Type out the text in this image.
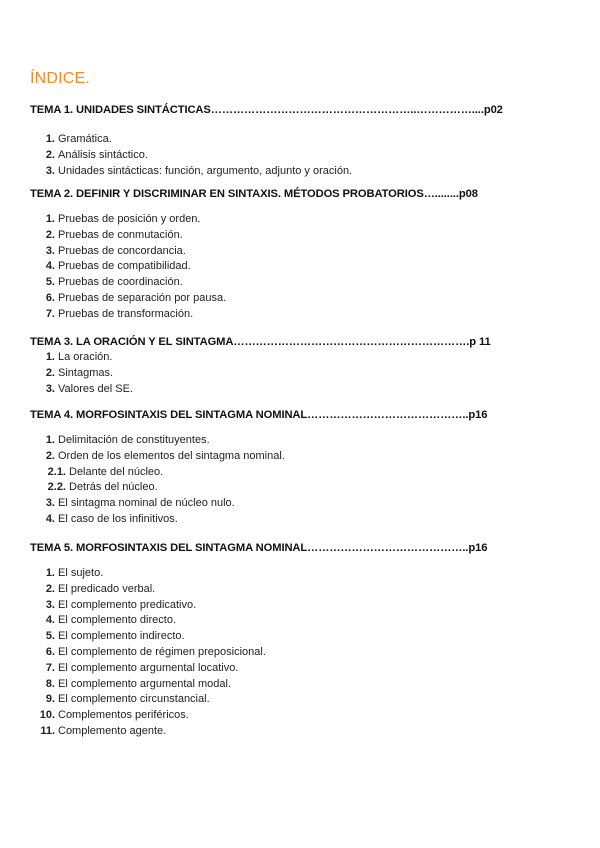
ÍNDICE.
TEMA 1. UNIDADES SINTÁCTICAS………………………………………………..……………....p02
1. Gramática.
2. Análisis sintáctico.
3. Unidades sintácticas: función, argumento, adjunto y oración.
TEMA 2. DEFINIR Y DISCRIMINAR EN SINTAXIS. MÉTODOS PROBATORIOS…........p08
1. Pruebas de posición y orden.
2. Pruebas de conmutación.
3. Pruebas de concordancia.
4. Pruebas de compatibilidad.
5. Pruebas de coordinación.
6. Pruebas de separación por pausa.
7. Pruebas de transformación.
TEMA 3. LA ORACIÓN Y EL SINTAGMA……………………………………………………….p 11
1. La oración.
2. Sintagmas.
3. Valores del SE.
TEMA 4. MORFOSINTAXIS DEL SINTAGMA NOMINAL……………………………………..p16
1. Delimitación de constituyentes.
2. Orden de los elementos del sintagma nominal.
2.1. Delante del núcleo.
2.2. Detrás del núcleo.
3. El sintagma nominal de núcleo nulo.
4. El caso de los infinitivos.
TEMA 5. MORFOSINTAXIS DEL SINTAGMA NOMINAL……………………………………..p16
1. El sujeto.
2. El predicado verbal.
3. El complemento predicativo.
4. El complemento directo.
5. El complemento indirecto.
6. El complemento de régimen preposicional.
7. El complemento argumental locativo.
8. El complemento argumental modal.
9. El complemento circunstancial.
10. Complementos periféricos.
11. Complemento agente.
